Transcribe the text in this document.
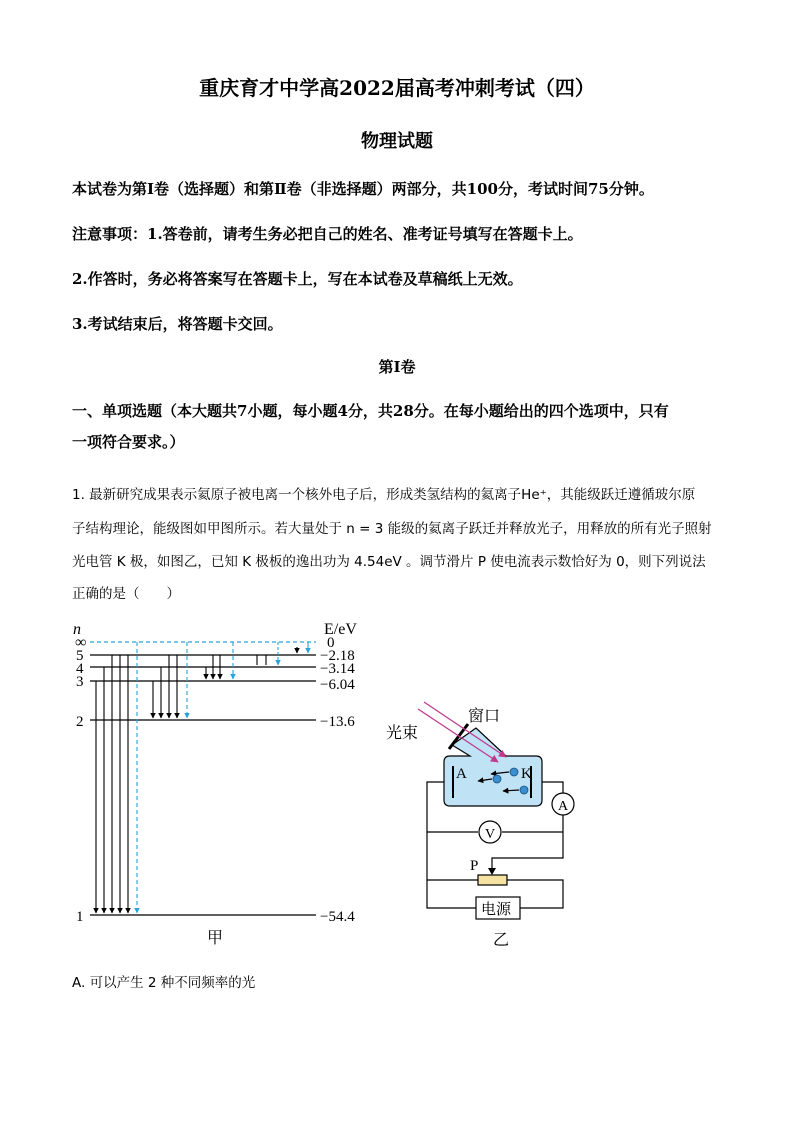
重庆育才中学高2022届高考冲刺考试（四）
物理试题
本试卷为第Ⅰ卷（选择题）和第Ⅱ卷（非选择题）两部分，共100分，考试时间75分钟。
注意事项：1.答卷前，请考生务必把自己的姓名、准考证号填写在答题卡上。
2.作答时，务必将答案写在答题卡上，写在本试卷及草稿纸上无效。
3.考试结束后，将答题卡交回。
第Ⅰ卷
一、单项选题（本大题共7小题，每小题4分，共28分。在每小题给出的四个选项中，只有
一项符合要求。）
1. 最新研究成果表示氦原子被电离一个核外电子后，形成类氢结构的氦离子He⁺，其能级跃迁遵循玻尔原
子结构理论，能级图如甲图所示。若大量处于 n = 3 能级的氦离子跃迁并释放光子，用释放的所有光子照射
光电管 K 极，如图乙，已知 K 极板的逸出功为 4.54eV 。调节滑片 P 使电流表示数恰好为 0，则下列说法
正确的是（　　）
n	E/eV
∞
5
4
3
2
1
0
−2.18
−3.14
−6.04
−13.6
−54.4
甲
光束
窗口
A	K
A
V
P
电源
乙
A. 可以产生 2 种不同频率的光
